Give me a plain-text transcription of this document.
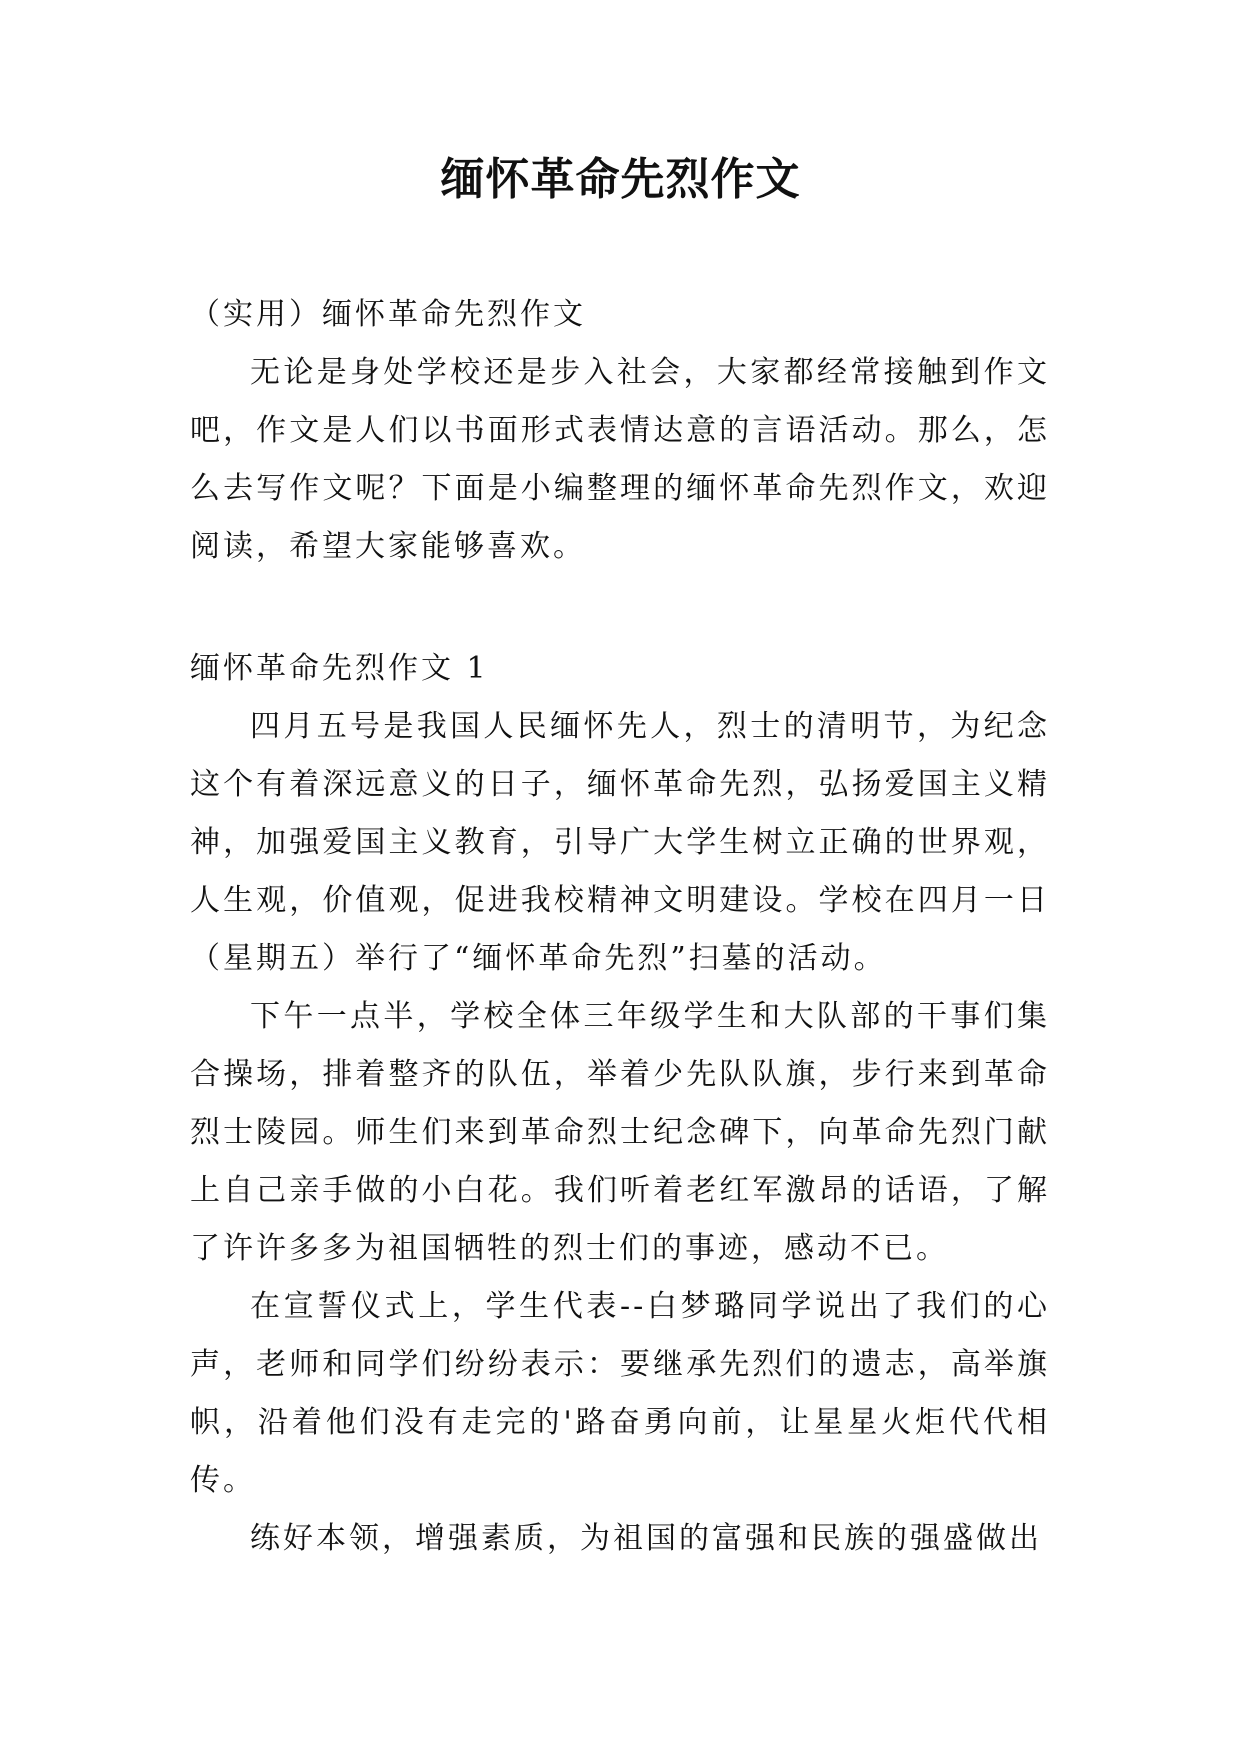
缅怀革命先烈作文

（实用）缅怀革命先烈作文

无论是身处学校还是步入社会，大家都经常接触到作文吧，作文是人们以书面形式表情达意的言语活动。那么，怎么去写作文呢？下面是小编整理的缅怀革命先烈作文，欢迎阅读，希望大家能够喜欢。

缅怀革命先烈作文 1

四月五号是我国人民缅怀先人，烈士的清明节，为纪念这个有着深远意义的日子，缅怀革命先烈，弘扬爱国主义精神，加强爱国主义教育，引导广大学生树立正确的世界观，人生观，价值观，促进我校精神文明建设。学校在四月一日（星期五）举行了“缅怀革命先烈”扫墓的活动。

下午一点半，学校全体三年级学生和大队部的干事们集合操场，排着整齐的队伍，举着少先队队旗，步行来到革命烈士陵园。师生们来到革命烈士纪念碑下，向革命先烈门献上自己亲手做的小白花。我们听着老红军激昂的话语，了解了许许多多为祖国牺牲的烈士们的事迹，感动不已。

在宣誓仪式上，学生代表--白梦璐同学说出了我们的心声，老师和同学们纷纷表示：要继承先烈们的遗志，高举旗帜，沿着他们没有走完的'路奋勇向前，让星星火炬代代相传。

练好本领，增强素质，为祖国的富强和民族的强盛做出
